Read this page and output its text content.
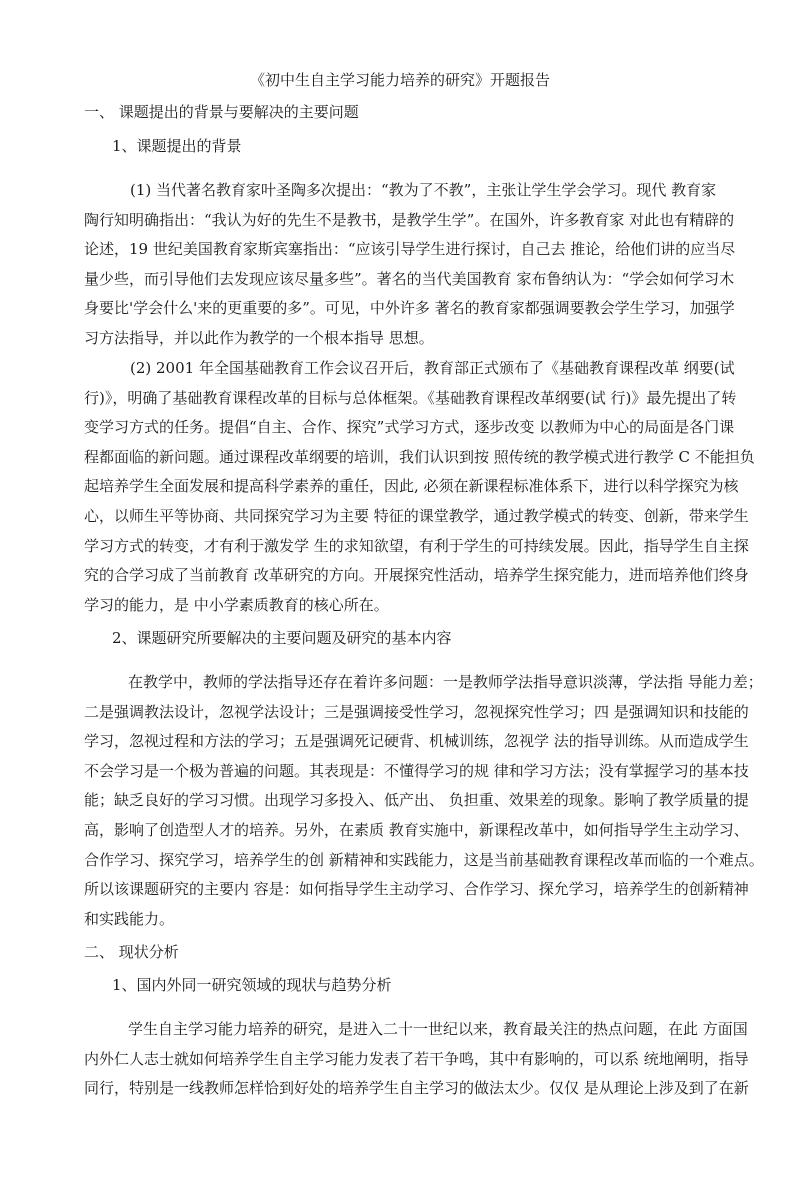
《初中生自主学习能力培养的研究》开题报告
一、 课题提出的背景与要解决的主要问题
1、课题提出的背景
(1) 当代著名教育家叶圣陶多次提出：“教为了不教”，主张让学生学会学习。现代 教育家
陶行知明确指出：“我认为好的先生不是教书，是教学生学”。在国外，许多教育家 对此也有精辟的
论述，19 世纪美国教育家斯宾塞指出：“应该引导学生进行探讨，自己去 推论，给他们讲的应当尽
量少些，而引导他们去发现应该尽量多些”。著名的当代美国教育 家布鲁纳认为：“学会如何学习木
身要比'学会什么'来的更重要的多”。可见，中外许多 著名的教育家都强调要教会学生学习，加强学
习方法指导，并以此作为教学的一个根本指导 思想。
(2) 2001 年全国基础教育工作会议召开后，教育部正式颁布了《基础教育课程改革 纲要(试
行)》，明确了基础教育课程改革的目标与总体框架。《基础教育课程改革纲要(试 行)》最先提出了转
变学习方式的任务。提倡“自主、合作、探究”式学习方式，逐步改变 以教师为中心的局面是各门课
程都面临的新问题。通过课程改革纲要的培训，我们认识到按 照传统的教学模式进行教学 C 不能担负
起培养学生全面发展和提高科学素养的重任，因此, 必须在新课程标准体系下，进行以科学探究为核
心，以师生平等协商、共同探究学习为主要 特征的课堂教学，通过教学模式的转变、创新，带来学生
学习方式的转变，才有利于激发学 生的求知欲望，有利于学生的可持续发展。因此，指导学生自主探
究的合学习成了当前教育 改革研究的方向。开展探究性活动，培养学生探究能力，进而培养他们终身
学习的能力，是 中小学素质教育的核心所在。
2、课题研究所要解决的主要问题及研究的基本内容
在教学中，教师的学法指导还存在着许多问题：一是教师学法指导意识淡薄，学法指 导能力差；
二是强调教法设计，忽视学法设计；三是强调接受性学习，忽视探究性学习；四 是强调知识和技能的
学习，忽视过程和方法的学习；五是强调死记硬背、机械训练，忽视学 法的指导训练。从而造成学生
不会学习是一个极为普遍的问题。其表现是：不懂得学习的规 律和学习方法；没有掌握学习的基本技
能；缺乏良好的学习习惯。出现学习多投入、低产出、 负担重、效果差的现象。影响了教学质量的提
高，影响了创造型人才的培养。另外，在素质 教育实施中，新课程改革中，如何指导学生主动学习、
合作学习、探究学习，培养学生的创 新精神和实践能力，这是当前基础教育课程改革而临的一个难点。
所以该课题研究的主要内 容是：如何指导学生主动学习、合作学习、探允学习，培养学生的创新精神
和实践能力。
二、 现状分析
1、国内外同一研究领域的现状与趋势分析
学生自主学习能力培养的研究，是进入二十一世纪以来，教育最关注的热点问题，在此 方面国
内外仁人志士就如何培养学生自主学习能力发表了若干争鸣，其中有影响的，可以系 统地阐明，指导
同行，特别是一线教师怎样恰到好处的培养学生自主学习的做法太少。仅仅 是从理论上涉及到了在新
